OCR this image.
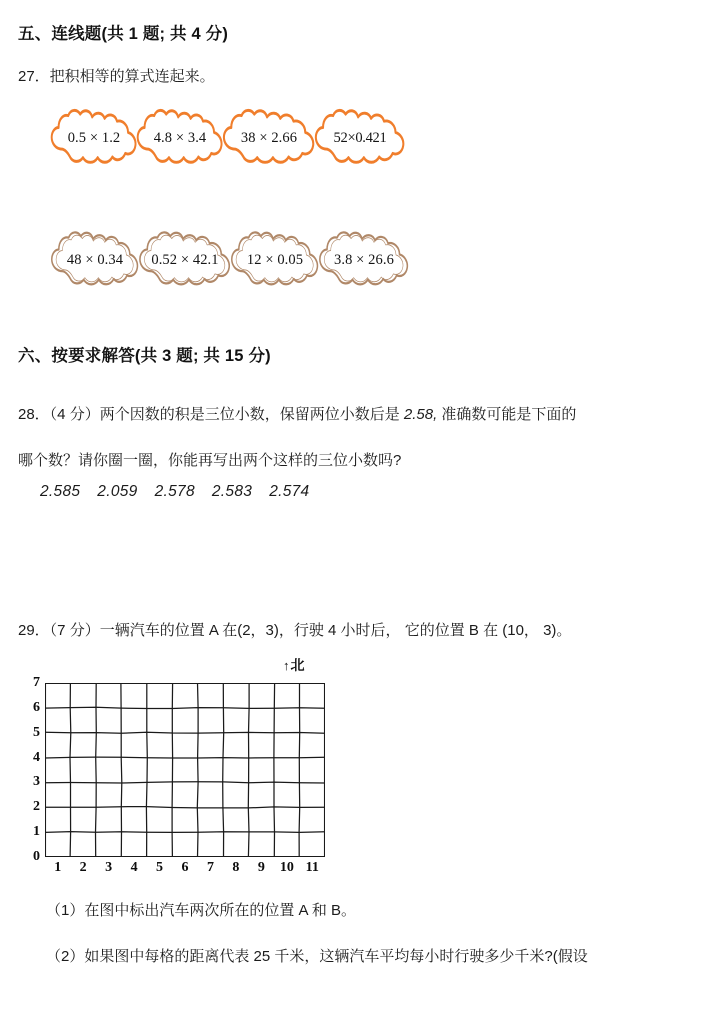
五、连线题(共 1 题; 共 4 分)
27．把积相等的算式连起来。
0.5 × 1.2 4.8 × 3.4 38 × 2.66	52×0.421
48 × 0.34 0.52 × 42.1 12 × 0.05 3.8 × 26.6
六、按要求解答(共 3 题; 共 15 分)
28．（4 分）两个因数的积是三位小数，保留两位小数后是 2.58, 准确数可能是下面的
哪个数？请你圈一圈，你能再写出两个这样的三位小数吗?
2.585 2.059 2.578 2.583 2.574
29．（7 分）一辆汽车的位置 A 在(2，3)，行驶 4 小时后， 它的位置 B 在 (10， 3)。
↑北
7
6
5
4
3
2
1
0
1	2	3	4	5	6	7	8	9	10 11
（1）在图中标出汽车两次所在的位置 A 和 B。
（2）如果图中每格的距离代表 25 千米，这辆汽车平均每小时行驶多少千米?(假设
